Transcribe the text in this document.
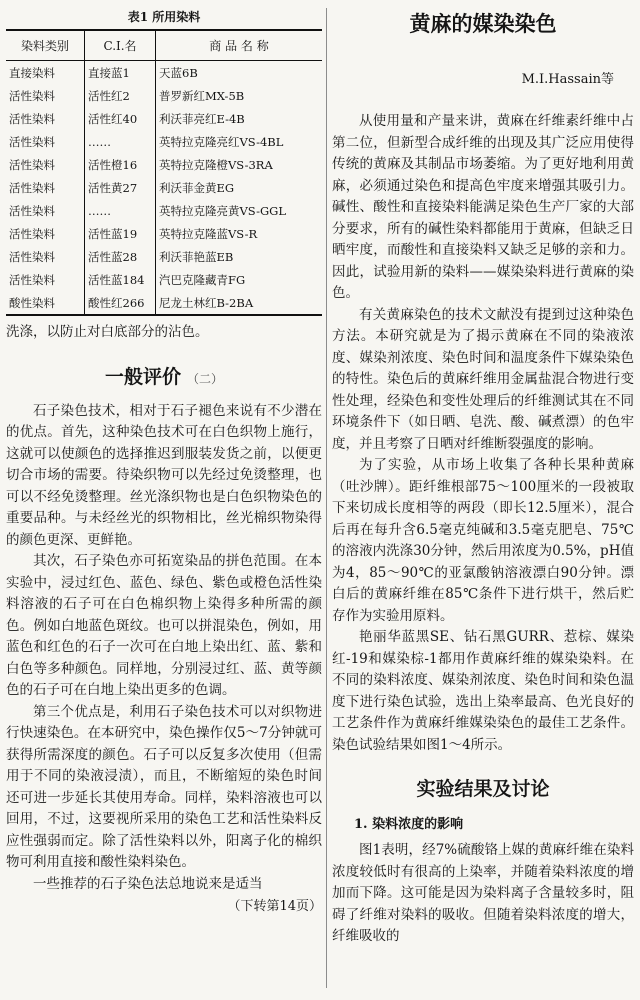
表1 所用染料
染料类别	C.I.名	商 品 名 称
直接染料	直接蓝1	天蓝6B
活性染料	活性红2	普罗新红MX-5B
活性染料	活性红40	利沃菲亮红E-4B
活性染料	……	英特拉克隆亮红VS-4BL
活性染料	活性橙16	英特拉克隆橙VS-3RA
活性染料	活性黄27	利沃菲金黄EG
活性染料	……	英特拉克隆亮黄VS-GGL
活性染料	活性蓝19	英特拉克隆蓝VS-R
活性染料	活性蓝28	利沃菲艳蓝EB
活性染料	活性蓝184	汽巴克隆藏青FG
酸性染料	酸性红266	尼龙土林红B-2BA

洗涤，以防止对白底部分的沾色。

一般评价 （二）

石子染色技术，相对于石子褪色来说有不少潜在的优点。首先，这种染色技术可在白色织物上施行，这就可以使颜色的选择推迟到服装发货之前，以便更切合市场的需要。待染织物可以先经过免烫整理，也可以不经免烫整理。丝光涤织物也是白色织物染色的重要品种。与未经丝光的织物相比，丝光棉织物染得的颜色更深、更鲜艳。

其次，石子染色亦可拓宽染品的拼色范围。在本实验中，浸过红色、蓝色、绿色、紫色或橙色活性染料溶液的石子可在白色棉织物上染得多种所需的颜色。例如白地蓝色斑纹。也可以拼混染色，例如，用蓝色和红色的石子一次可在白地上染出红、蓝、紫和白色等多种颜色。同样地，分别浸过红、蓝、黄等颜色的石子可在白地上染出更多的色调。

第三个优点是，利用石子染色技术可以对织物进行快速染色。在本研究中，染色操作仅5～7分钟就可获得所需深度的颜色。石子可以反复多次使用（但需用于不同的染液浸渍），而且，不断缩短的染色时间还可进一步延长其使用寿命。同样，染料溶液也可以回用，不过，这要视所采用的染色工艺和活性染料反应性强弱而定。除了活性染料以外，阳离子化的棉织物可利用直接和酸性染料染色。

一些推荐的石子染色法总地说来是适当

（下转第14页）
黄麻的媒染染色
M.I.Hassain等

从使用量和产量来讲，黄麻在纤维素纤维中占第二位，但新型合成纤维的出现及其广泛应用使得传统的黄麻及其制品市场萎缩。为了更好地利用黄麻，必须通过染色和提高色牢度来增强其吸引力。碱性、酸性和直接染料能满足染色生产厂家的大部分要求，所有的碱性染料都能用于黄麻，但缺乏日晒牢度，而酸性和直接染料又缺乏足够的亲和力。因此，试验用新的染料——媒染染料进行黄麻的染色。

有关黄麻染色的技术文献没有提到过这种染色方法。本研究就是为了揭示黄麻在不同的染液浓度、媒染剂浓度、染色时间和温度条件下媒染染色的特性。染色后的黄麻纤维用金属盐混合物进行变性处理，经染色和变性处理后的纤维测试其在不同环境条件下（如日晒、皂洗、酸、碱煮漂）的色牢度，并且考察了日晒对纤维断裂强度的影响。

为了实验，从市场上收集了各种长果种黄麻（吐沙牌）。距纤维根部75～100厘米的一段被取下来切成长度相等的两段（即长12.5厘米），混合后再在每升含6.5毫克纯碱和3.5毫克肥皂、75℃的溶液内洗涤30分钟，然后用浓度为0.5%，pH值为4，85～90℃的亚氯酸钠溶液漂白90分钟。漂白后的黄麻纤维在85℃条件下进行烘干，然后贮存作为实验用原料。

艳丽华蓝黑SE、钻石黑GURR、惹棕、媒染红-19和媒染棕-1都用作黄麻纤维的媒染染料。在不同的染料浓度、媒染剂浓度、染色时间和染色温度下进行染色试验，选出上染率最高、色光良好的工艺条件作为黄麻纤维媒染染色的最佳工艺条件。染色试验结果如图1～4所示。

实验结果及讨论
1. 染料浓度的影响

图1表明，经7%硫酸铬上媒的黄麻纤维在染料浓度较低时有很高的上染率，并随着染料浓度的增加而下降。这可能是因为染料离子含量较多时，阻碍了纤维对染料的吸收。但随着染料浓度的增大，纤维吸收的
